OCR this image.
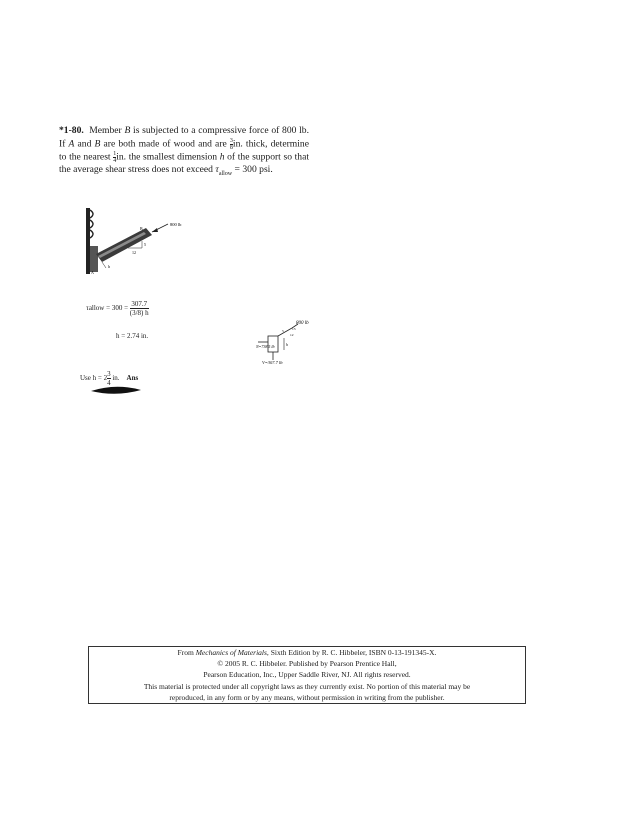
*1-80. Member B is subjected to a compressive force of 800 lb. If A and B are both made of wood and are $\frac{3}{8}$ in. thick, determine to the nearest $\frac{1}{4}$ in. the smallest dimension h of the support so that the average shear stress does not exceed $\tau_{allow} = 300$ psi.
800 lb
B
A
h
12
5
τallow = $300 = \frac{307.7}{(3/8) h}$
h = 2.74 in.
Use $h = 2\frac{3}{4}$ in. Ans
800 lb
5
12
13
N=738.5 lb
V=307.7 lb
h
From Mechanics of Materials, Sixth Edition by R. C. Hibbeler, ISBN 0-13-191345-X.
© 2005 R. C. Hibbeler. Published by Pearson Prentice Hall,
Pearson Education, Inc., Upper Saddle River, NJ. All rights reserved.
This material is protected under all copyright laws as they currently exist. No portion of this material may be
reproduced, in any form or by any means, without permission in writing from the publisher.
